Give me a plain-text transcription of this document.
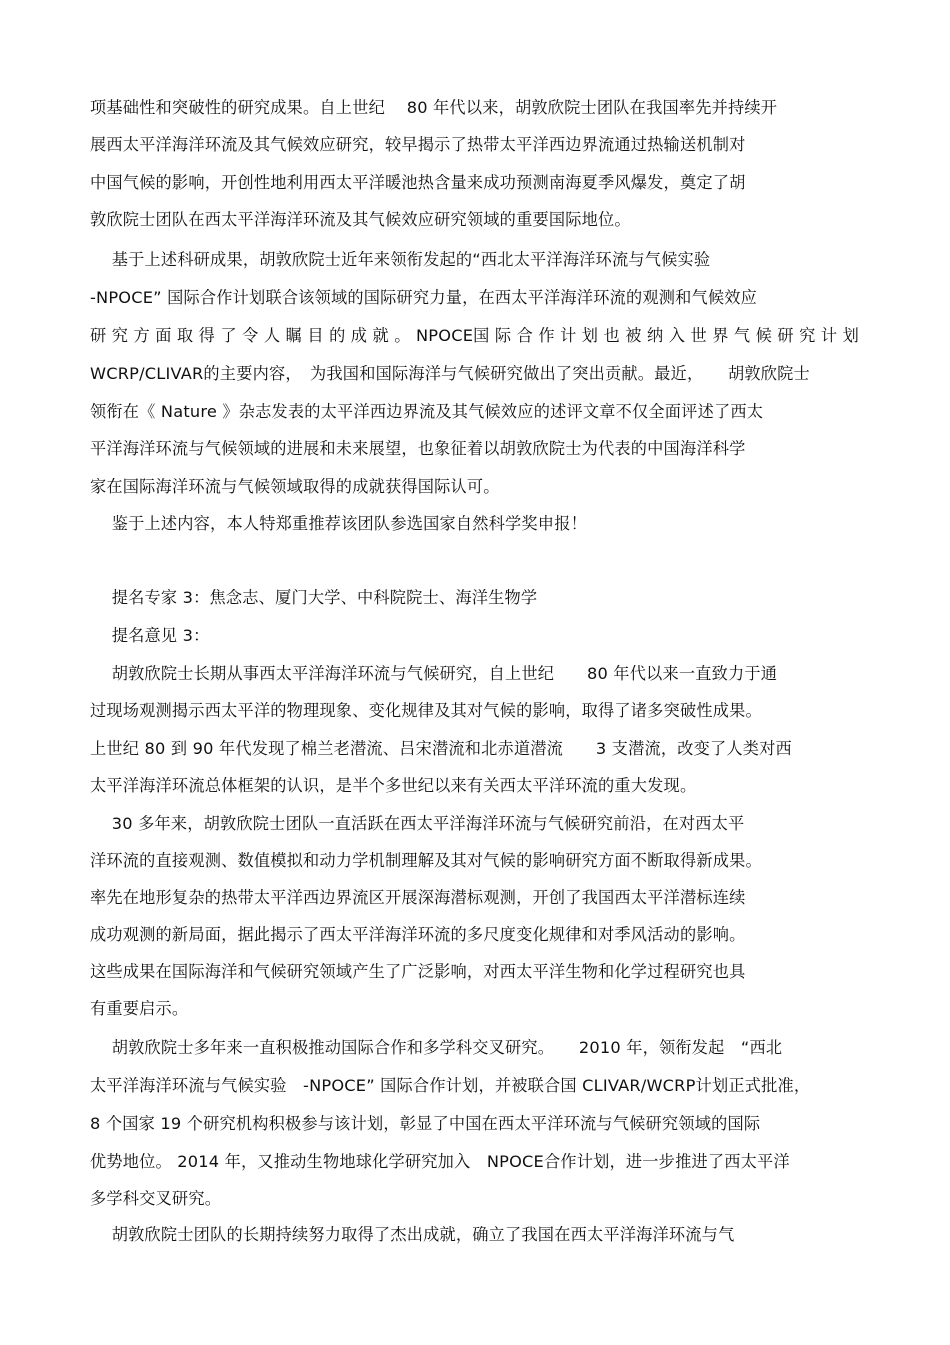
项基础性和突破性的研究成果。自上世纪　 80 年代以来，胡敦欣院士团队在我国率先并持续开
展西太平洋海洋环流及其气候效应研究，较早揭示了热带太平洋西边界流通过热输送机制对
中国气候的影响，开创性地利用西太平洋暖池热含量来成功预测南海夏季风爆发，奠定了胡
敦欣院士团队在西太平洋海洋环流及其气候效应研究领域的重要国际地位。
　 基于上述科研成果，胡敦欣院士近年来领衔发起的“西北太平洋海洋环流与气候实验
-NPOCE” 国际合作计划联合该领域的国际研究力量，在西太平洋海洋环流的观测和气候效应
研 究 方 面 取 得 了 令 人 瞩 目 的 成 就 。 NPOCE国 际 合 作 计 划 也 被 纳 入 世 界 气 候 研 究 计 划
WCRP/CLIVAR的主要内容，　为我国和国际海洋与气候研究做出了突出贡献。最近，　　胡敦欣院士
领衔在《 Nature 》杂志发表的太平洋西边界流及其气候效应的述评文章不仅全面评述了西太
平洋海洋环流与气候领域的进展和未来展望，也象征着以胡敦欣院士为代表的中国海洋科学
家在国际海洋环流与气候领域取得的成就获得国际认可。
　 鉴于上述内容，本人特郑重推荐该团队参选国家自然科学奖申报！
　 提名专家 3：焦念志、厦门大学、中科院院士、海洋生物学
　 提名意见 3：
　 胡敦欣院士长期从事西太平洋海洋环流与气候研究，自上世纪　　80 年代以来一直致力于通
过现场观测揭示西太平洋的物理现象、变化规律及其对气候的影响，取得了诸多突破性成果。
上世纪 80 到 90 年代发现了棉兰老潜流、吕宋潜流和北赤道潜流　　3 支潜流，改变了人类对西
太平洋海洋环流总体框架的认识，是半个多世纪以来有关西太平洋环流的重大发现。
　 30 多年来，胡敦欣院士团队一直活跃在西太平洋海洋环流与气候研究前沿，在对西太平
洋环流的直接观测、数值模拟和动力学机制理解及其对气候的影响研究方面不断取得新成果。
率先在地形复杂的热带太平洋西边界流区开展深海潜标观测，开创了我国西太平洋潜标连续
成功观测的新局面，据此揭示了西太平洋海洋环流的多尺度变化规律和对季风活动的影响。
这些成果在国际海洋和气候研究领域产生了广泛影响，对西太平洋生物和化学过程研究也具
有重要启示。
　 胡敦欣院士多年来一直积极推动国际合作和多学科交叉研究。　　2010 年，领衔发起　“西北
太平洋海洋环流与气候实验　-NPOCE” 国际合作计划，并被联合国 CLIVAR/WCRP计划正式批准，
8 个国家 19 个研究机构积极参与该计划，彰显了中国在西太平洋环流与气候研究领域的国际
优势地位。 2014 年，又推动生物地球化学研究加入　NPOCE合作计划，进一步推进了西太平洋
多学科交叉研究。
　 胡敦欣院士团队的长期持续努力取得了杰出成就，确立了我国在西太平洋海洋环流与气
